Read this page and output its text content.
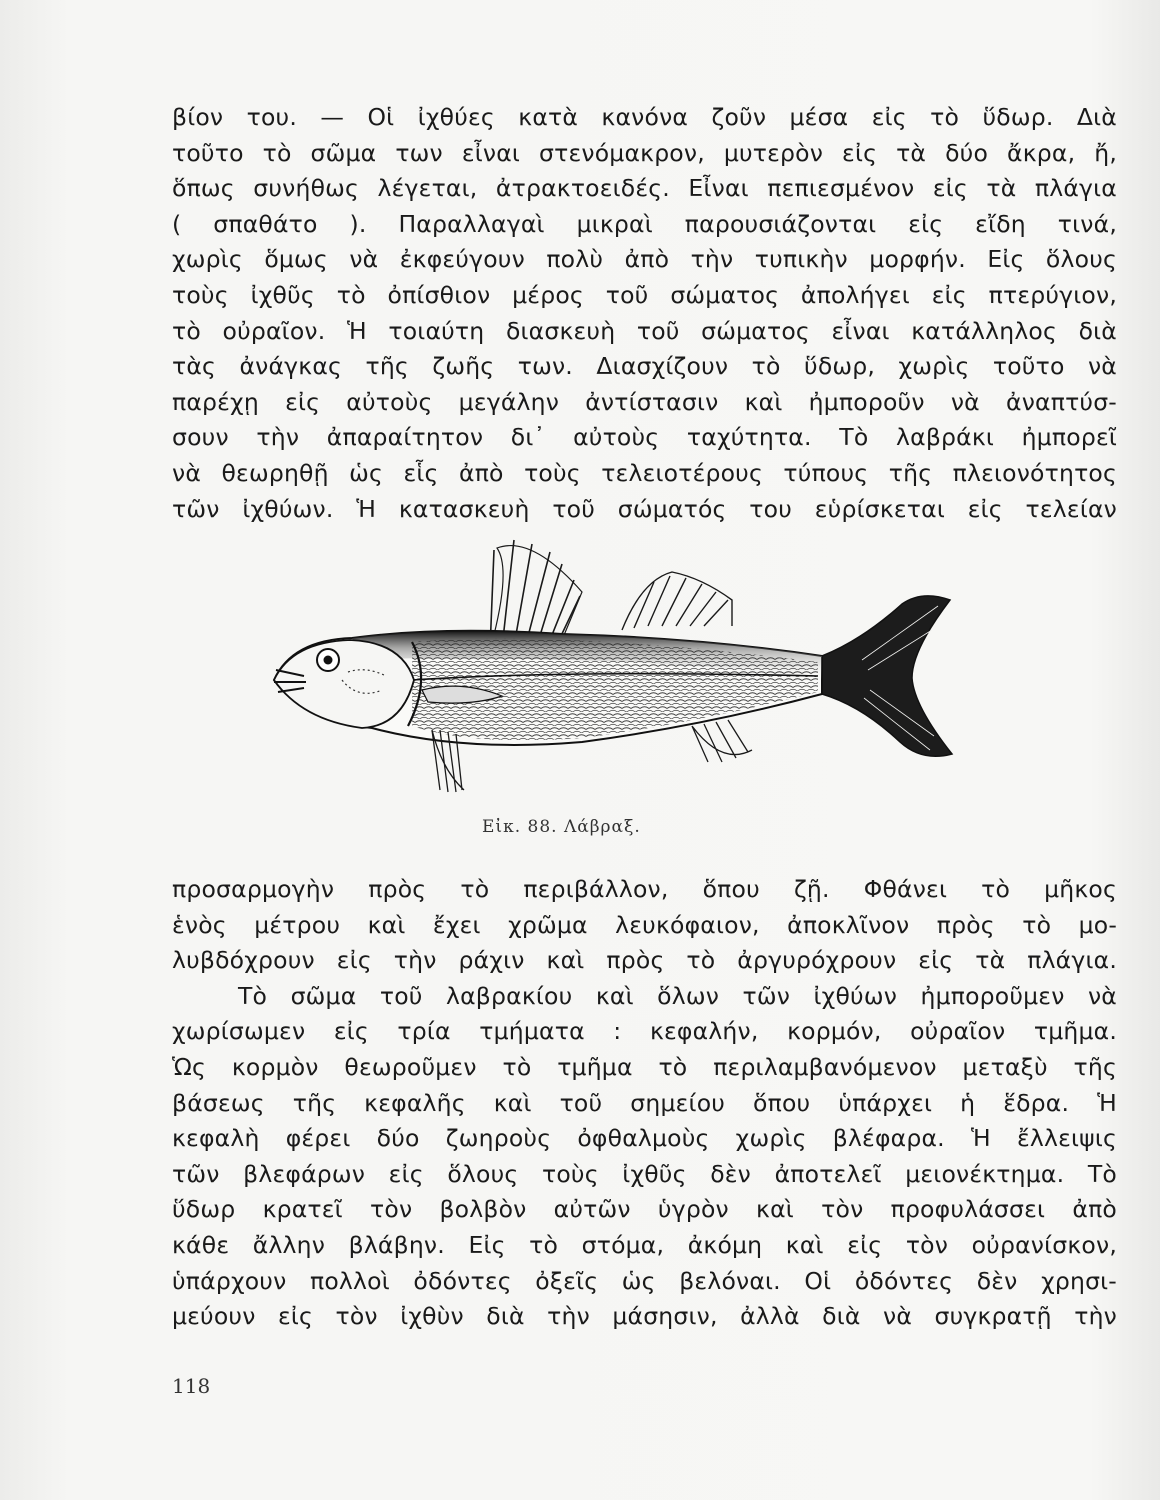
βίον του. — Οἱ ἰχθύες κατὰ κανόνα ζοῦν μέσα εἰς τὸ ὕδωρ. Διὰ

τοῦτο τὸ σῶμα των εἶναι στενόμακρον, μυτερὸν εἰς τὰ δύο ἄκρα, ἤ,

ὅπως συνήθως λέγεται, ἀτρακτοειδές. Εἶναι πεπιεσμένον εἰς τὰ πλάγια

( σπαθάτο ). Παραλλαγαὶ μικραὶ παρουσιάζονται εἰς εἴδη τινά,

χωρὶς ὅμως νὰ ἐκφεύγουν πολὺ ἀπὸ τὴν τυπικὴν μορφήν. Εἰς ὅλους

τοὺς ἰχθῦς τὸ ὀπίσθιον μέρος τοῦ σώματος ἀπολήγει εἰς πτερύγιον,

τὸ οὐραῖον. Ἡ τοιαύτη διασκευὴ τοῦ σώματος εἶναι κατάλληλος διὰ

τὰς ἀνάγκας τῆς ζωῆς των. Διασχίζουν τὸ ὕδωρ, χωρὶς τοῦτο νὰ

παρέχῃ εἰς αὐτοὺς μεγάλην ἀντίστασιν καὶ ἠμποροῦν νὰ ἀναπτύσ-

σουν τὴν ἀπαραίτητον δι᾽ αὐτοὺς ταχύτητα. Τὸ λαβράκι ἠμπορεῖ

νὰ θεωρηθῇ ὡς εἷς ἀπὸ τοὺς τελειοτέρους τύπους τῆς πλειονότητος

τῶν ἰχθύων. Ἡ κατασκευὴ τοῦ σώματός του εὑρίσκεται εἰς τελείαν

Εἰκ. 88. Λάβραξ.

προσαρμογὴν πρὸς τὸ περιβάλλον, ὅπου ζῇ. Φθάνει τὸ μῆκος

ἑνὸς μέτρου καὶ ἔχει χρῶμα λευκόφαιον, ἀποκλῖνον πρὸς τὸ μο-

λυβδόχρουν εἰς τὴν ράχιν καὶ πρὸς τὸ ἀργυρόχρουν εἰς τὰ πλάγια.

Τὸ σῶμα τοῦ λαβρακίου καὶ ὅλων τῶν ἰχθύων ἠμποροῦμεν νὰ

χωρίσωμεν εἰς τρία τμήματα : κεφαλήν, κορμόν, οὐραῖον τμῆμα.

Ὡς κορμὸν θεωροῦμεν τὸ τμῆμα τὸ περιλαμβανόμενον μεταξὺ τῆς

βάσεως τῆς κεφαλῆς καὶ τοῦ σημείου ὅπου ὑπάρχει ἡ ἕδρα. Ἡ

κεφαλὴ φέρει δύο ζωηροὺς ὀφθαλμοὺς χωρὶς βλέφαρα. Ἡ ἔλλειψις

τῶν βλεφάρων εἰς ὅλους τοὺς ἰχθῦς δὲν ἀποτελεῖ μειονέκτημα. Τὸ

ὕδωρ κρατεῖ τὸν βολβὸν αὐτῶν ὑγρὸν καὶ τὸν προφυλάσσει ἀπὸ

κάθε ἄλλην βλάβην. Εἰς τὸ στόμα, ἀκόμη καὶ εἰς τὸν οὐρανίσκον,

ὑπάρχουν πολλοὶ ὀδόντες ὀξεῖς ὡς βελόναι. Οἱ ὀδόντες δὲν χρησι-

μεύουν εἰς τὸν ἰχθὺν διὰ τὴν μάσησιν, ἀλλὰ διὰ νὰ συγκρατῇ τὴν

118
